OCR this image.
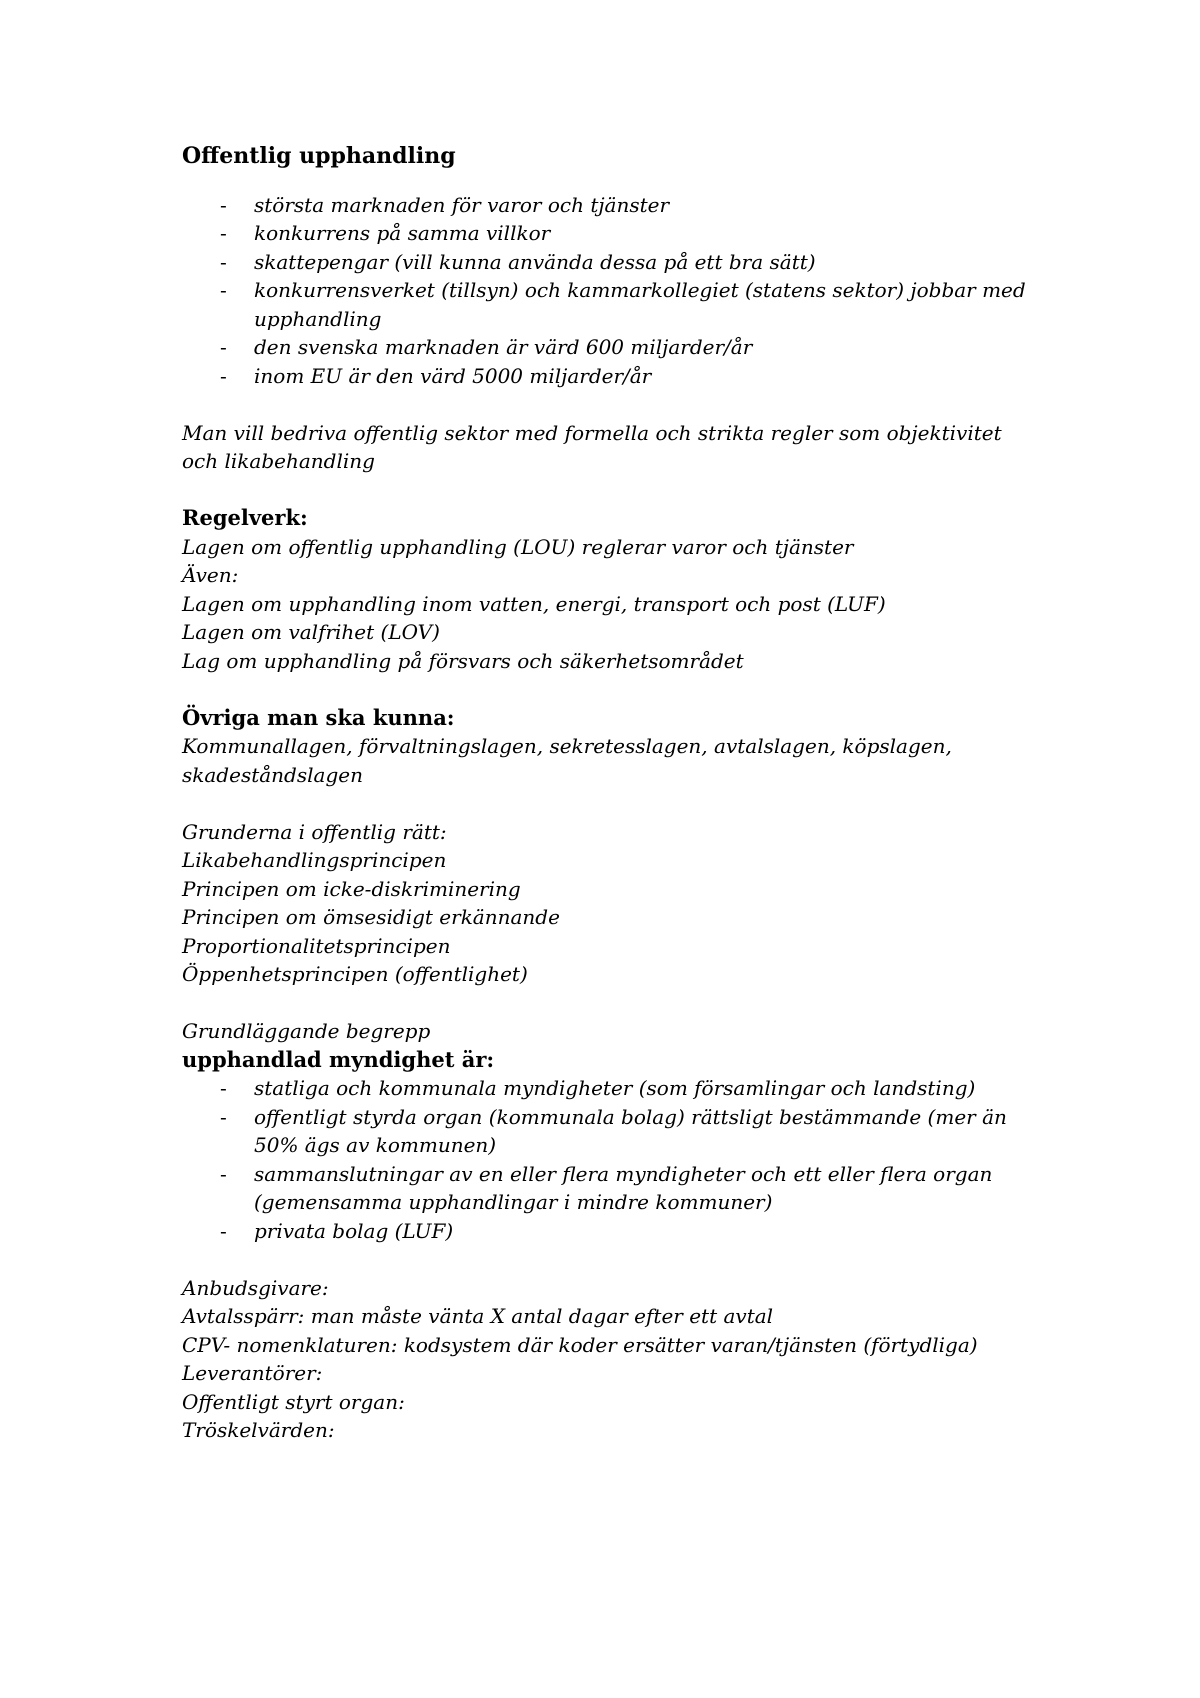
Offentlig upphandling
- största marknaden för varor och tjänster
- konkurrens på samma villkor
- skattepengar (vill kunna använda dessa på ett bra sätt)
- konkurrensverket (tillsyn) och kammarkollegiet (statens sektor) jobbar med upphandling
- den svenska marknaden är värd 600 miljarder/år
- inom EU är den värd 5000 miljarder/år
Man vill bedriva offentlig sektor med formella och strikta regler som objektivitet
och likabehandling
Regelverk:
Lagen om offentlig upphandling (LOU) reglerar varor och tjänster
Även:
Lagen om upphandling inom vatten, energi, transport och post (LUF)
Lagen om valfrihet (LOV)
Lag om upphandling på försvars och säkerhetsområdet
Övriga man ska kunna:
Kommunallagen, förvaltningslagen, sekretesslagen, avtalslagen, köpslagen,
skadeståndslagen
Grunderna i offentlig rätt:
Likabehandlingsprincipen
Principen om icke-diskriminering
Principen om ömsesidigt erkännande
Proportionalitetsprincipen
Öppenhetsprincipen (offentlighet)
Grundläggande begrepp
upphandlad myndighet är:
- statliga och kommunala myndigheter (som församlingar och landsting)
- offentligt styrda organ (kommunala bolag) rättsligt bestämmande (mer än
50% ägs av kommunen)
- sammanslutningar av en eller flera myndigheter och ett eller flera organ
(gemensamma upphandlingar i mindre kommuner)
- privata bolag (LUF)
Anbudsgivare:
Avtalsspärr: man måste vänta X antal dagar efter ett avtal
CPV- nomenklaturen: kodsystem där koder ersätter varan/tjänsten (förtydliga)
Leverantörer:
Offentligt styrt organ:
Tröskelvärden:
